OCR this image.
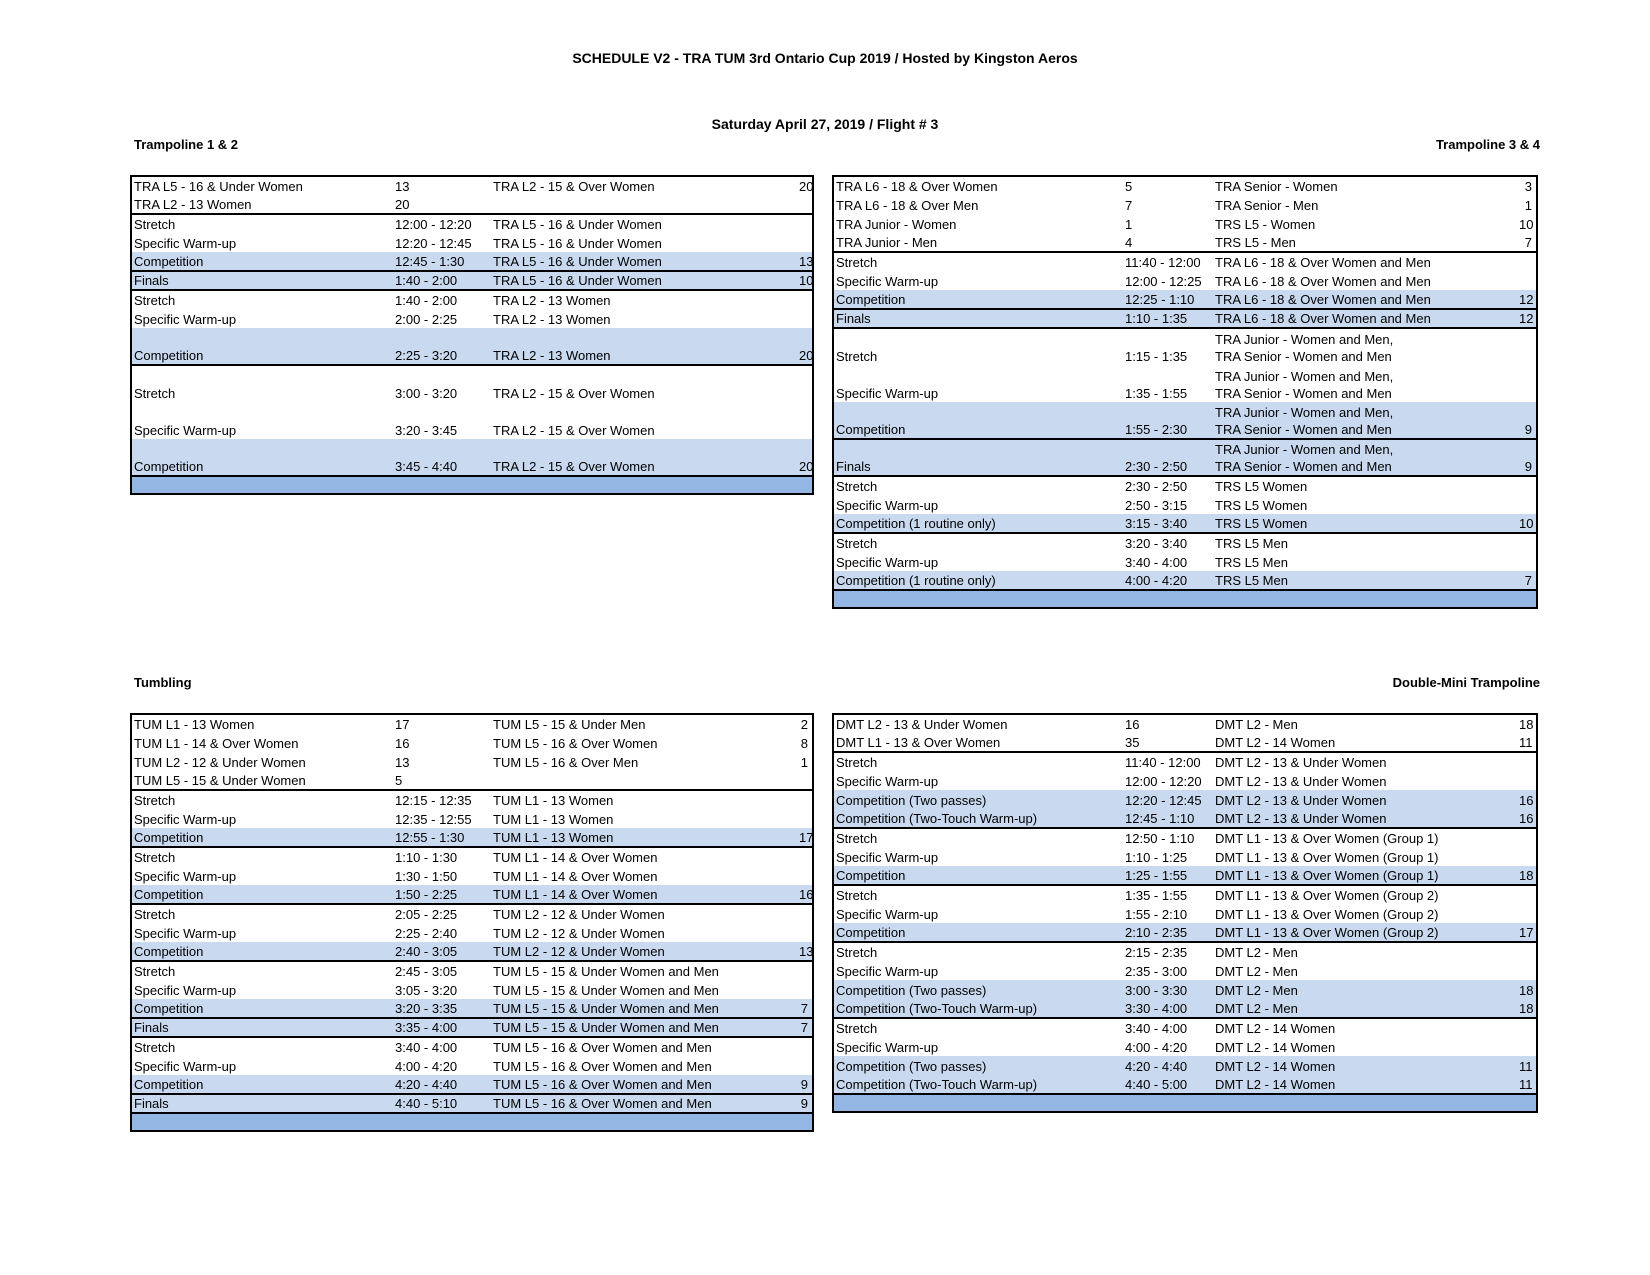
SCHEDULE V2 - TRA TUM 3rd Ontario Cup 2019 / Hosted by Kingston Aeros
Saturday April 27, 2019 / Flight # 3
Trampoline 1 & 2	Trampoline 3 & 4
Tumbling	Double-Mini Trampoline
TRA L5 - 16 & Under Women	13	TRA L2 - 15 & Over Women	20
TRA L2 - 13 Women	20		
Stretch	12:00 - 12:20	TRA L5 - 16 & Under Women	
Specific Warm-up	12:20 - 12:45	TRA L5 - 16 & Under Women	
Competition	12:45 - 1:30	TRA L5 - 16 & Under Women	13
Finals	1:40 - 2:00	TRA L5 - 16 & Under Women	10
Stretch	1:40 - 2:00	TRA L2 - 13 Women	
Specific Warm-up	2:00 - 2:25	TRA L2 - 13 Women	
Competition	2:25 - 3:20	TRA L2 - 13 Women	20
Stretch	3:00 - 3:20	TRA L2 - 15 & Over Women	
Specific Warm-up	3:20 - 3:45	TRA L2 - 15 & Over Women	
Competition	3:45 - 4:40	TRA L2 - 15 & Over Women	20

TRA L6 - 18 & Over Women	5	TRA Senior - Women	3
TRA L6 - 18 & Over Men	7	TRA Senior - Men	1
TRA Junior - Women	1	TRS L5 - Women	10
TRA Junior - Men	4	TRS L5 - Men	7
Stretch	11:40 - 12:00	TRA L6 - 18 & Over Women and Men	
Specific Warm-up	12:00 - 12:25	TRA L6 - 18 & Over Women and Men	
Competition	12:25 - 1:10	TRA L6 - 18 & Over Women and Men	12
Finals	1:10 - 1:35	TRA L6 - 18 & Over Women and Men	12
Stretch	1:15 - 1:35	TRA Junior - Women and Men,
TRA Senior - Women and Men	

Specific Warm-up	1:35 - 1:55	TRA Junior - Women and Men,
TRA Senior - Women and Men	

Competition	1:55 - 2:30	TRA Junior - Women and Men,
TRA Senior - Women and Men	9
Finals	2:30 - 2:50	TRA Junior - Women and Men,
TRA Senior - Women and Men	9
Stretch	2:30 - 2:50	TRS L5 Women	
Specific Warm-up	2:50 - 3:15	TRS L5 Women	
Competition (1 routine only)	3:15 - 3:40	TRS L5 Women	10
Stretch	3:20 - 3:40	TRS L5 Men	
Specific Warm-up	3:40 - 4:00	TRS L5 Men	
Competition (1 routine only)	4:00 - 4:20	TRS L5 Men	7

TUM L1 - 13 Women	17	TUM L5 - 15 & Under Men	2
TUM L1 - 14 & Over Women	16	TUM L5 - 16 & Over Women	8
TUM L2 - 12 & Under Women	13	TUM L5 - 16 & Over Men	1
TUM L5 - 15 & Under Women	5		
Stretch	12:15 - 12:35	TUM L1 - 13 Women	
Specific Warm-up	12:35 - 12:55	TUM L1 - 13 Women	
Competition	12:55 - 1:30	TUM L1 - 13 Women	17
Stretch	1:10 - 1:30	TUM L1 - 14 & Over Women	
Specific Warm-up	1:30 - 1:50	TUM L1 - 14 & Over Women	
Competition	1:50 - 2:25	TUM L1 - 14 & Over Women	16
Stretch	2:05 - 2:25	TUM L2 - 12 & Under Women	
Specific Warm-up	2:25 - 2:40	TUM L2 - 12 & Under Women	
Competition	2:40 - 3:05	TUM L2 - 12 & Under Women	13
Stretch	2:45 - 3:05	TUM L5 - 15 & Under Women and Men	
Specific Warm-up	3:05 - 3:20	TUM L5 - 15 & Under Women and Men	
Competition	3:20 - 3:35	TUM L5 - 15 & Under Women and Men	7
Finals	3:35 - 4:00	TUM L5 - 15 & Under Women and Men	7
Stretch	3:40 - 4:00	TUM L5 - 16 & Over Women and Men	
Specific Warm-up	4:00 - 4:20	TUM L5 - 16 & Over Women and Men	
Competition	4:20 - 4:40	TUM L5 - 16 & Over Women and Men	9
Finals	4:40 - 5:10	TUM L5 - 16 & Over Women and Men	9

DMT L2 - 13 & Under Women	16	DMT L2 - Men	18
DMT L1 - 13 & Over Women	35	DMT L2 - 14 Women	11
Stretch	11:40 - 12:00	DMT L2 - 13 & Under Women	
Specific Warm-up	12:00 - 12:20	DMT L2 - 13 & Under Women	
Competition (Two passes)	12:20 - 12:45	DMT L2 - 13 & Under Women	16
Competition (Two-Touch Warm-up)	12:45 - 1:10	DMT L2 - 13 & Under Women	16
Stretch	12:50 - 1:10	DMT L1 - 13 & Over Women (Group 1)	
Specific Warm-up	1:10 - 1:25	DMT L1 - 13 & Over Women (Group 1)	
Competition	1:25 - 1:55	DMT L1 - 13 & Over Women (Group 1)	18
Stretch	1:35 - 1:55	DMT L1 - 13 & Over Women (Group 2)	
Specific Warm-up	1:55 - 2:10	DMT L1 - 13 & Over Women (Group 2)	
Competition	2:10 - 2:35	DMT L1 - 13 & Over Women (Group 2)	17
Stretch	2:15 - 2:35	DMT L2 - Men	
Specific Warm-up	2:35 - 3:00	DMT L2 - Men	
Competition (Two passes)	3:00 - 3:30	DMT L2 - Men	18
Competition (Two-Touch Warm-up)	3:30 - 4:00	DMT L2 - Men	18
Stretch	3:40 - 4:00	DMT L2 - 14 Women	
Specific Warm-up	4:00 - 4:20	DMT L2 - 14 Women	
Competition (Two passes)	4:20 - 4:40	DMT L2 - 14 Women	11
Competition (Two-Touch Warm-up)	4:40 - 5:00	DMT L2 - 14 Women	11
